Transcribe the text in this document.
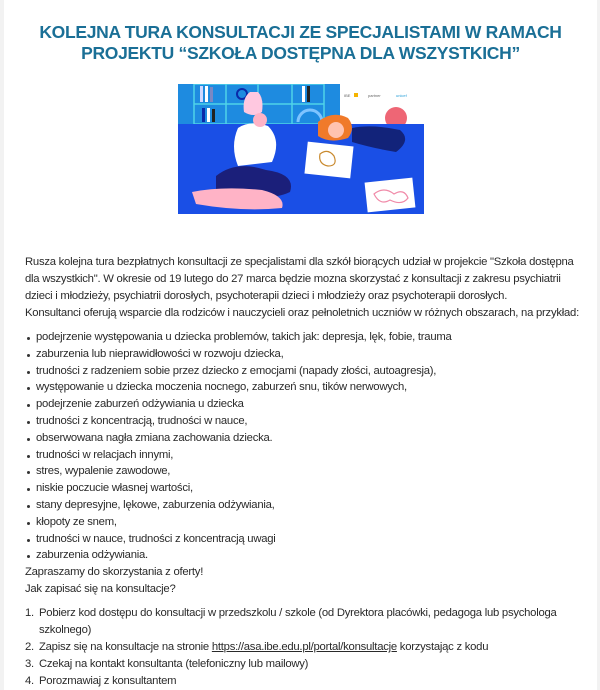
KOLEJNA TURA KONSULTACJI ZE SPECJALISTAMI W RAMACH
PROJEKTU “SZKOŁA DOSTĘPNA DLA WSZYSTKICH”
IBE	partner	unicef

Rusza kolejna tura bezpłatnych konsultacji ze specjalistami dla szkół biorących udział w projekcie "Szkoła dostępna dla wszystkich". W okresie od 19 lutego do 27 marca będzie mozna skorzystać z konsultacji z zakresu psychiatrii dzieci i młodzieży, psychiatrii dorosłych, psychoterapii dzieci i młodzieży oraz psychoterapii dorosłych.

Konsultanci oferują wsparcie dla rodziców i nauczycieli oraz pełnoletnich uczniów w różnych obszarach, na przykład:

podejrzenie występowania u dziecka problemów, takich jak: depresja, lęk, fobie, trauma
zaburzenia lub nieprawidłowości w rozwoju dziecka,
trudności z radzeniem sobie przez dziecko z emocjami (napady złości, autoagresja),
występowanie u dziecka moczenia nocnego, zaburzeń snu, tików nerwowych,
podejrzenie zaburzeń odżywiania u dziecka
trudności z koncentracją, trudności w nauce,
obserwowana nagła zmiana zachowania dziecka.
trudności w relacjach innymi,
stres, wypalenie zawodowe,
niskie poczucie własnej wartości,
stany depresyjne, lękowe, zaburzenia odżywiania,
kłopoty ze snem,
trudności w nauce, trudności z koncentracją uwagi
zaburzenia odżywiania.

Zapraszamy do skorzystania z oferty!

Jak zapisać się na konsultacje?

1. Pobierz kod dostępu do konsultacji w przedszkolu / szkole (od Dyrektora placówki, pedagoga lub psychologa szkolnego)
2. Zapisz się na konsultacje na stronie https://asa.ibe.edu.pl/portal/konsultacje korzystając z kodu
3. Czekaj na kontakt konsultanta (telefoniczny lub mailowy)
4. Porozmawiaj z konsultantem
